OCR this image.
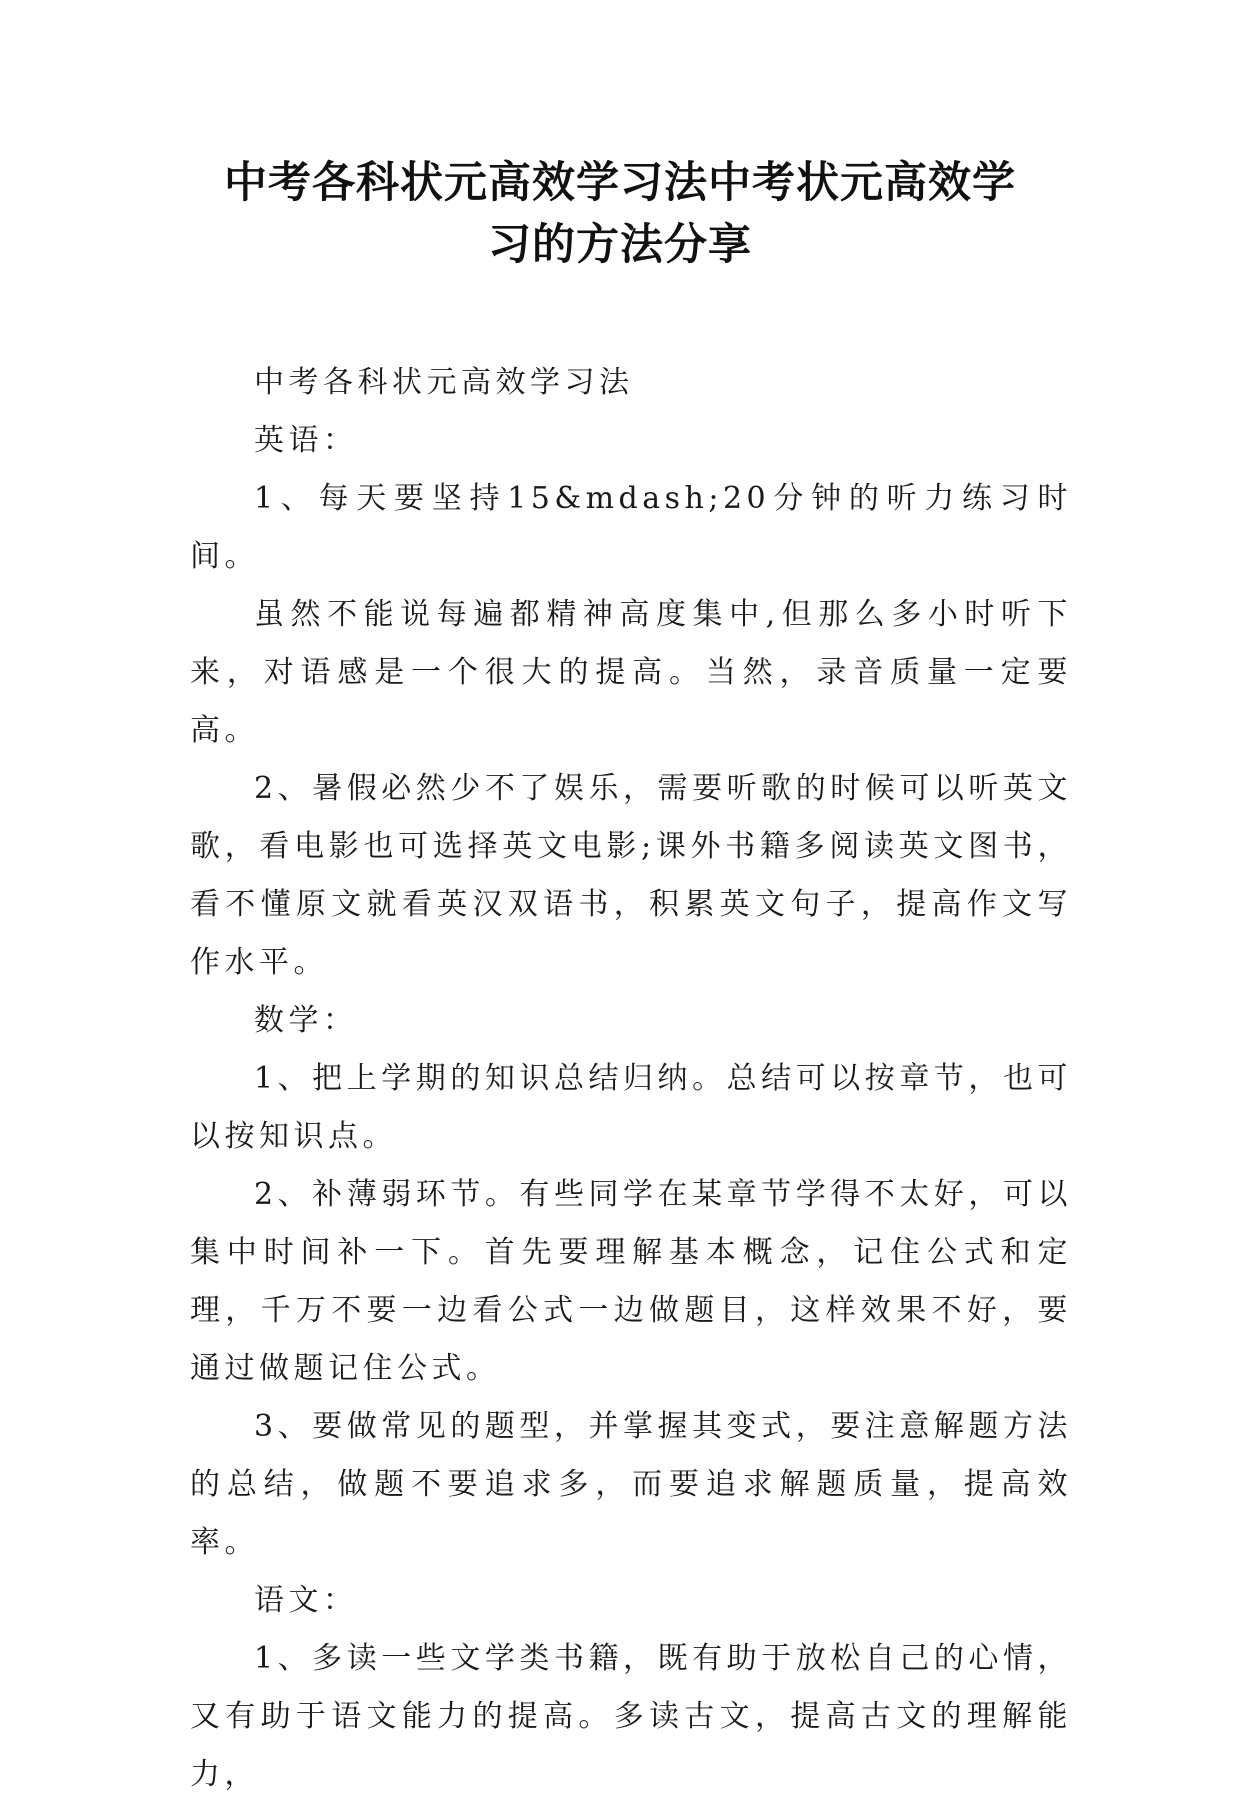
中考各科状元高效学习法中考状元高效学
习的方法分享

中考各科状元高效学习法

英语：

1、每天要坚持15&mdash;20分钟的听力练习时间。

虽然不能说每遍都精神高度集中,但那么多小时听下来，对语感是一个很大的提高。当然，录音质量一定要高。

2、暑假必然少不了娱乐，需要听歌的时候可以听英文歌，看电影也可选择英文电影;课外书籍多阅读英文图书，看不懂原文就看英汉双语书，积累英文句子，提高作文写作水平。

数学：

1、把上学期的知识总结归纳。总结可以按章节，也可以按知识点。

2、补薄弱环节。有些同学在某章节学得不太好，可以集中时间补一下。首先要理解基本概念，记住公式和定理，千万不要一边看公式一边做题目，这样效果不好，要通过做题记住公式。

3、要做常见的题型，并掌握其变式，要注意解题方法的总结，做题不要追求多，而要追求解题质量，提高效率。

语文：

1、多读一些文学类书籍，既有助于放松自己的心情，又有助于语文能力的提高。多读古文，提高古文的理解能力，
